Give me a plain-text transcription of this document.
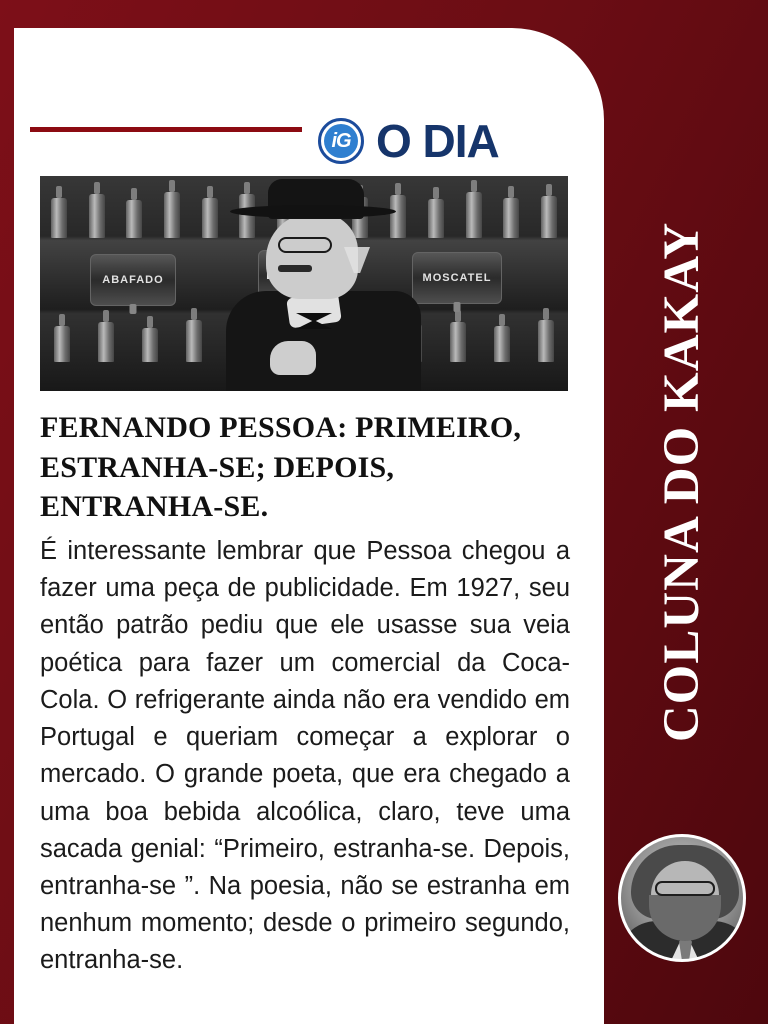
iG O DIA
ABAFADO	MOSCATEL
FERNANDO PESSOA: PRIMEIRO, ESTRANHA-SE; DEPOIS, ENTRANHA-SE.

É interessante lembrar que Pessoa chegou a fazer uma peça de publicidade. Em 1927, seu então patrão pediu que ele usasse sua veia poética para fazer um comercial da Coca-Cola. O refrigerante ainda não era vendido em Portugal e queriam começar a explorar o mercado. O grande poeta, que era chegado a uma boa bebida alcoólica, claro, teve uma sacada genial: “Primeiro, estranha-se. Depois, entranha-se ”. Na poesia, não se estranha em nenhum momento; desde o primeiro segundo, entranha-se.

COLUNA DO KAKAY
